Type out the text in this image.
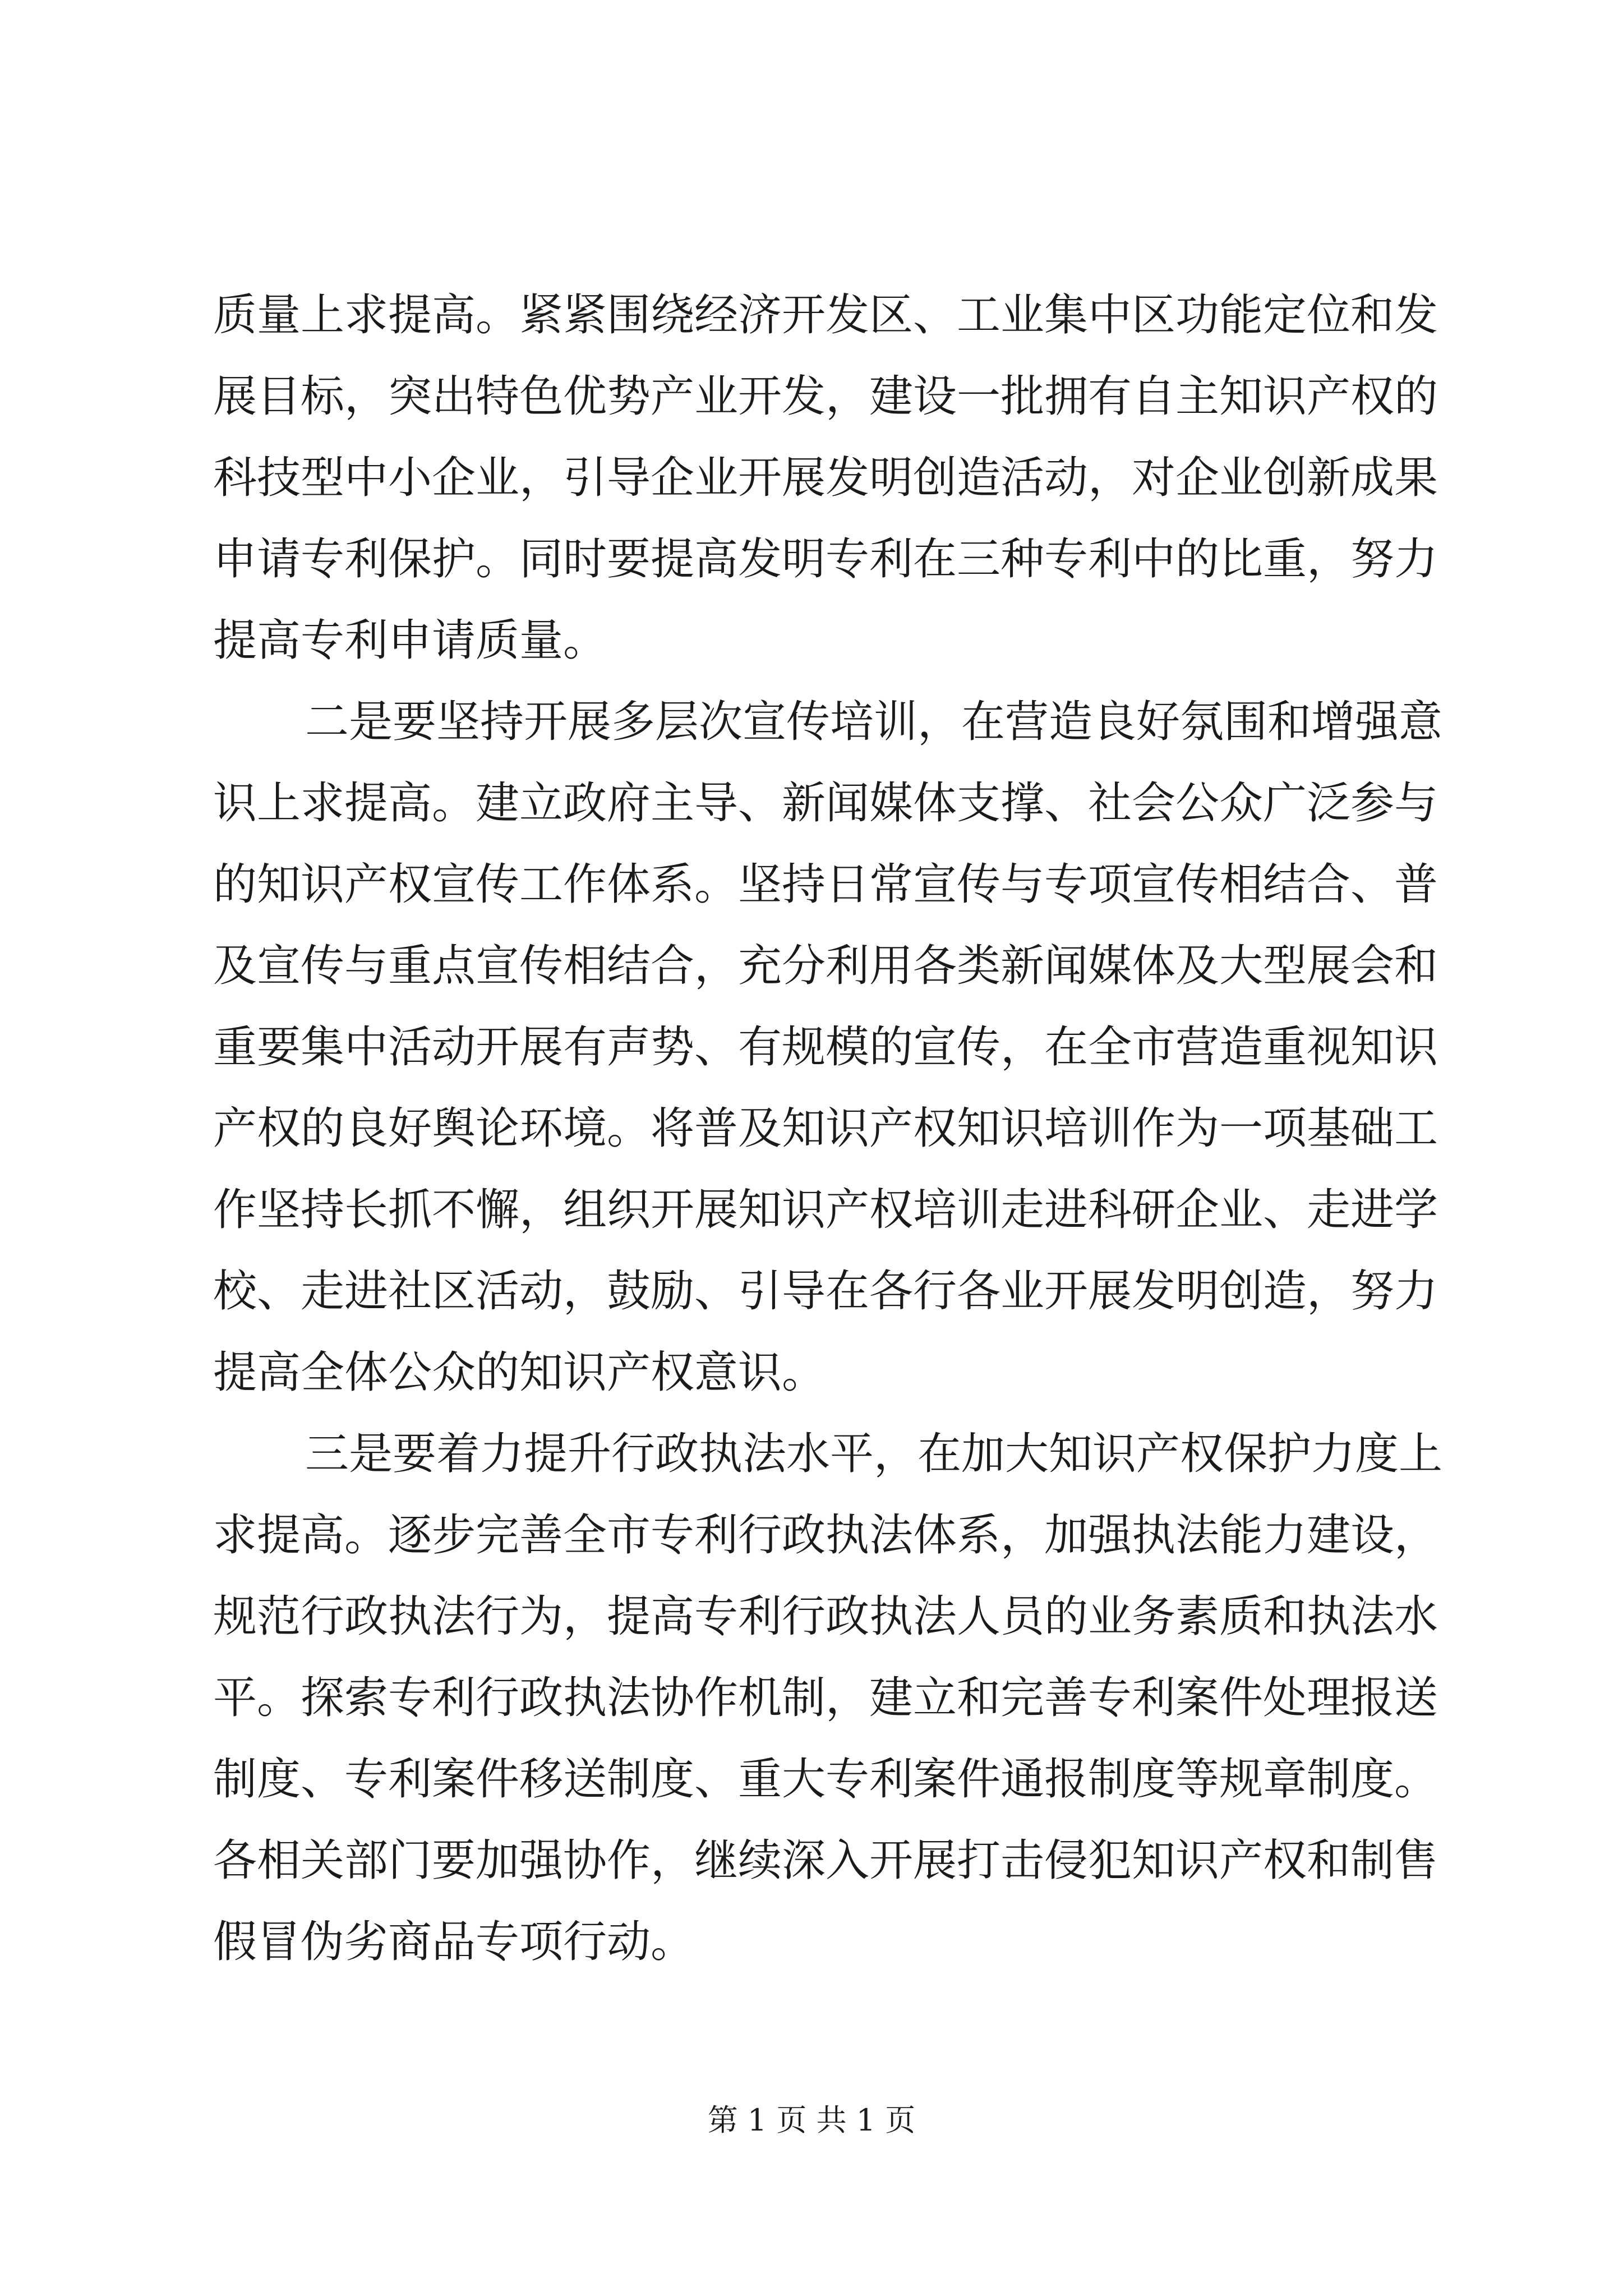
质量上求提高。紧紧围绕经济开发区、工业集中区功能定位和发
展目标，突出特色优势产业开发，建设一批拥有自主知识产权的
科技型中小企业，引导企业开展发明创造活动，对企业创新成果
申请专利保护。同时要提高发明专利在三种专利中的比重，努力
提高专利申请质量。
二是要坚持开展多层次宣传培训，在营造良好氛围和增强意
识上求提高。建立政府主导、新闻媒体支撑、社会公众广泛参与
的知识产权宣传工作体系。坚持日常宣传与专项宣传相结合、普
及宣传与重点宣传相结合，充分利用各类新闻媒体及大型展会和
重要集中活动开展有声势、有规模的宣传，在全市营造重视知识
产权的良好舆论环境。将普及知识产权知识培训作为一项基础工
作坚持长抓不懈，组织开展知识产权培训走进科研企业、走进学
校、走进社区活动，鼓励、引导在各行各业开展发明创造，努力
提高全体公众的知识产权意识。
三是要着力提升行政执法水平，在加大知识产权保护力度上
求提高。逐步完善全市专利行政执法体系，加强执法能力建设，
规范行政执法行为，提高专利行政执法人员的业务素质和执法水
平。探索专利行政执法协作机制，建立和完善专利案件处理报送
制度、专利案件移送制度、重大专利案件通报制度等规章制度。
各相关部门要加强协作，继续深入开展打击侵犯知识产权和制售
假冒伪劣商品专项行动。
第 1 页 共 1 页
